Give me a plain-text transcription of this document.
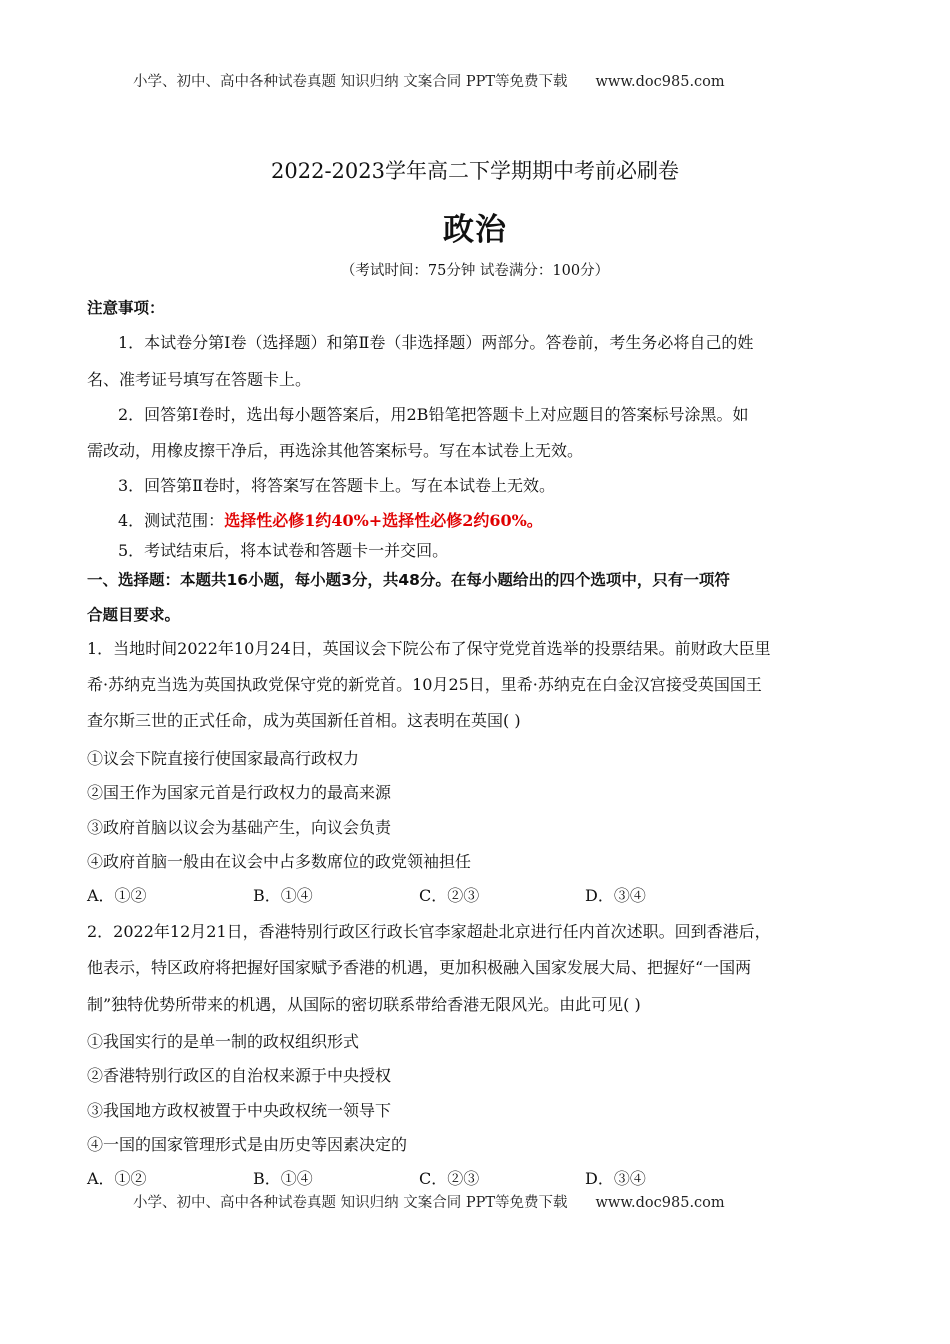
小学、初中、高中各种试卷真题 知识归纳 文案合同 PPT等免费下载 www.doc985.com
2022-2023学年高二下学期期中考前必刷卷
政治
（考试时间：75分钟 试卷满分：100分）
注意事项：
1．本试卷分第Ⅰ卷（选择题）和第Ⅱ卷（非选择题）两部分。答卷前，考生务必将自己的姓
名、准考证号填写在答题卡上。
2．回答第Ⅰ卷时，选出每小题答案后，用2B铅笔把答题卡上对应题目的答案标号涂黑。如
需改动，用橡皮擦干净后，再选涂其他答案标号。写在本试卷上无效。
3．回答第Ⅱ卷时，将答案写在答题卡上。写在本试卷上无效。
4．测试范围：选择性必修1约40%+选择性必修2约60%。
5．考试结束后，将本试卷和答题卡一并交回。
一、选择题：本题共16小题，每小题3分，共48分。在每小题给出的四个选项中，只有一项符
合题目要求。
1．当地时间2022年10月24日，英国议会下院公布了保守党党首选举的投票结果。前财政大臣里
希·苏纳克当选为英国执政党保守党的新党首。10月25日，里希·苏纳克在白金汉宫接受英国国王
查尔斯三世的正式任命，成为英国新任首相。这表明在英国( )
①议会下院直接行使国家最高行政权力
②国王作为国家元首是行政权力的最高来源
③政府首脑以议会为基础产生，向议会负责
④政府首脑一般由在议会中占多数席位的政党领袖担任
A．①②	B．①④	C．②③	D．③④
2．2022年12月21日，香港特别行政区行政长官李家超赴北京进行任内首次述职。回到香港后，
他表示，特区政府将把握好国家赋予香港的机遇，更加积极融入国家发展大局、把握好“一国两
制”独特优势所带来的机遇，从国际的密切联系带给香港无限风光。由此可见( )
①我国实行的是单一制的政权组织形式
②香港特别行政区的自治权来源于中央授权
③我国地方政权被置于中央政权统一领导下
④一国的国家管理形式是由历史等因素决定的
A．①②	B．①④	C．②③	D．③④
小学、初中、高中各种试卷真题 知识归纳 文案合同 PPT等免费下载 www.doc985.com
